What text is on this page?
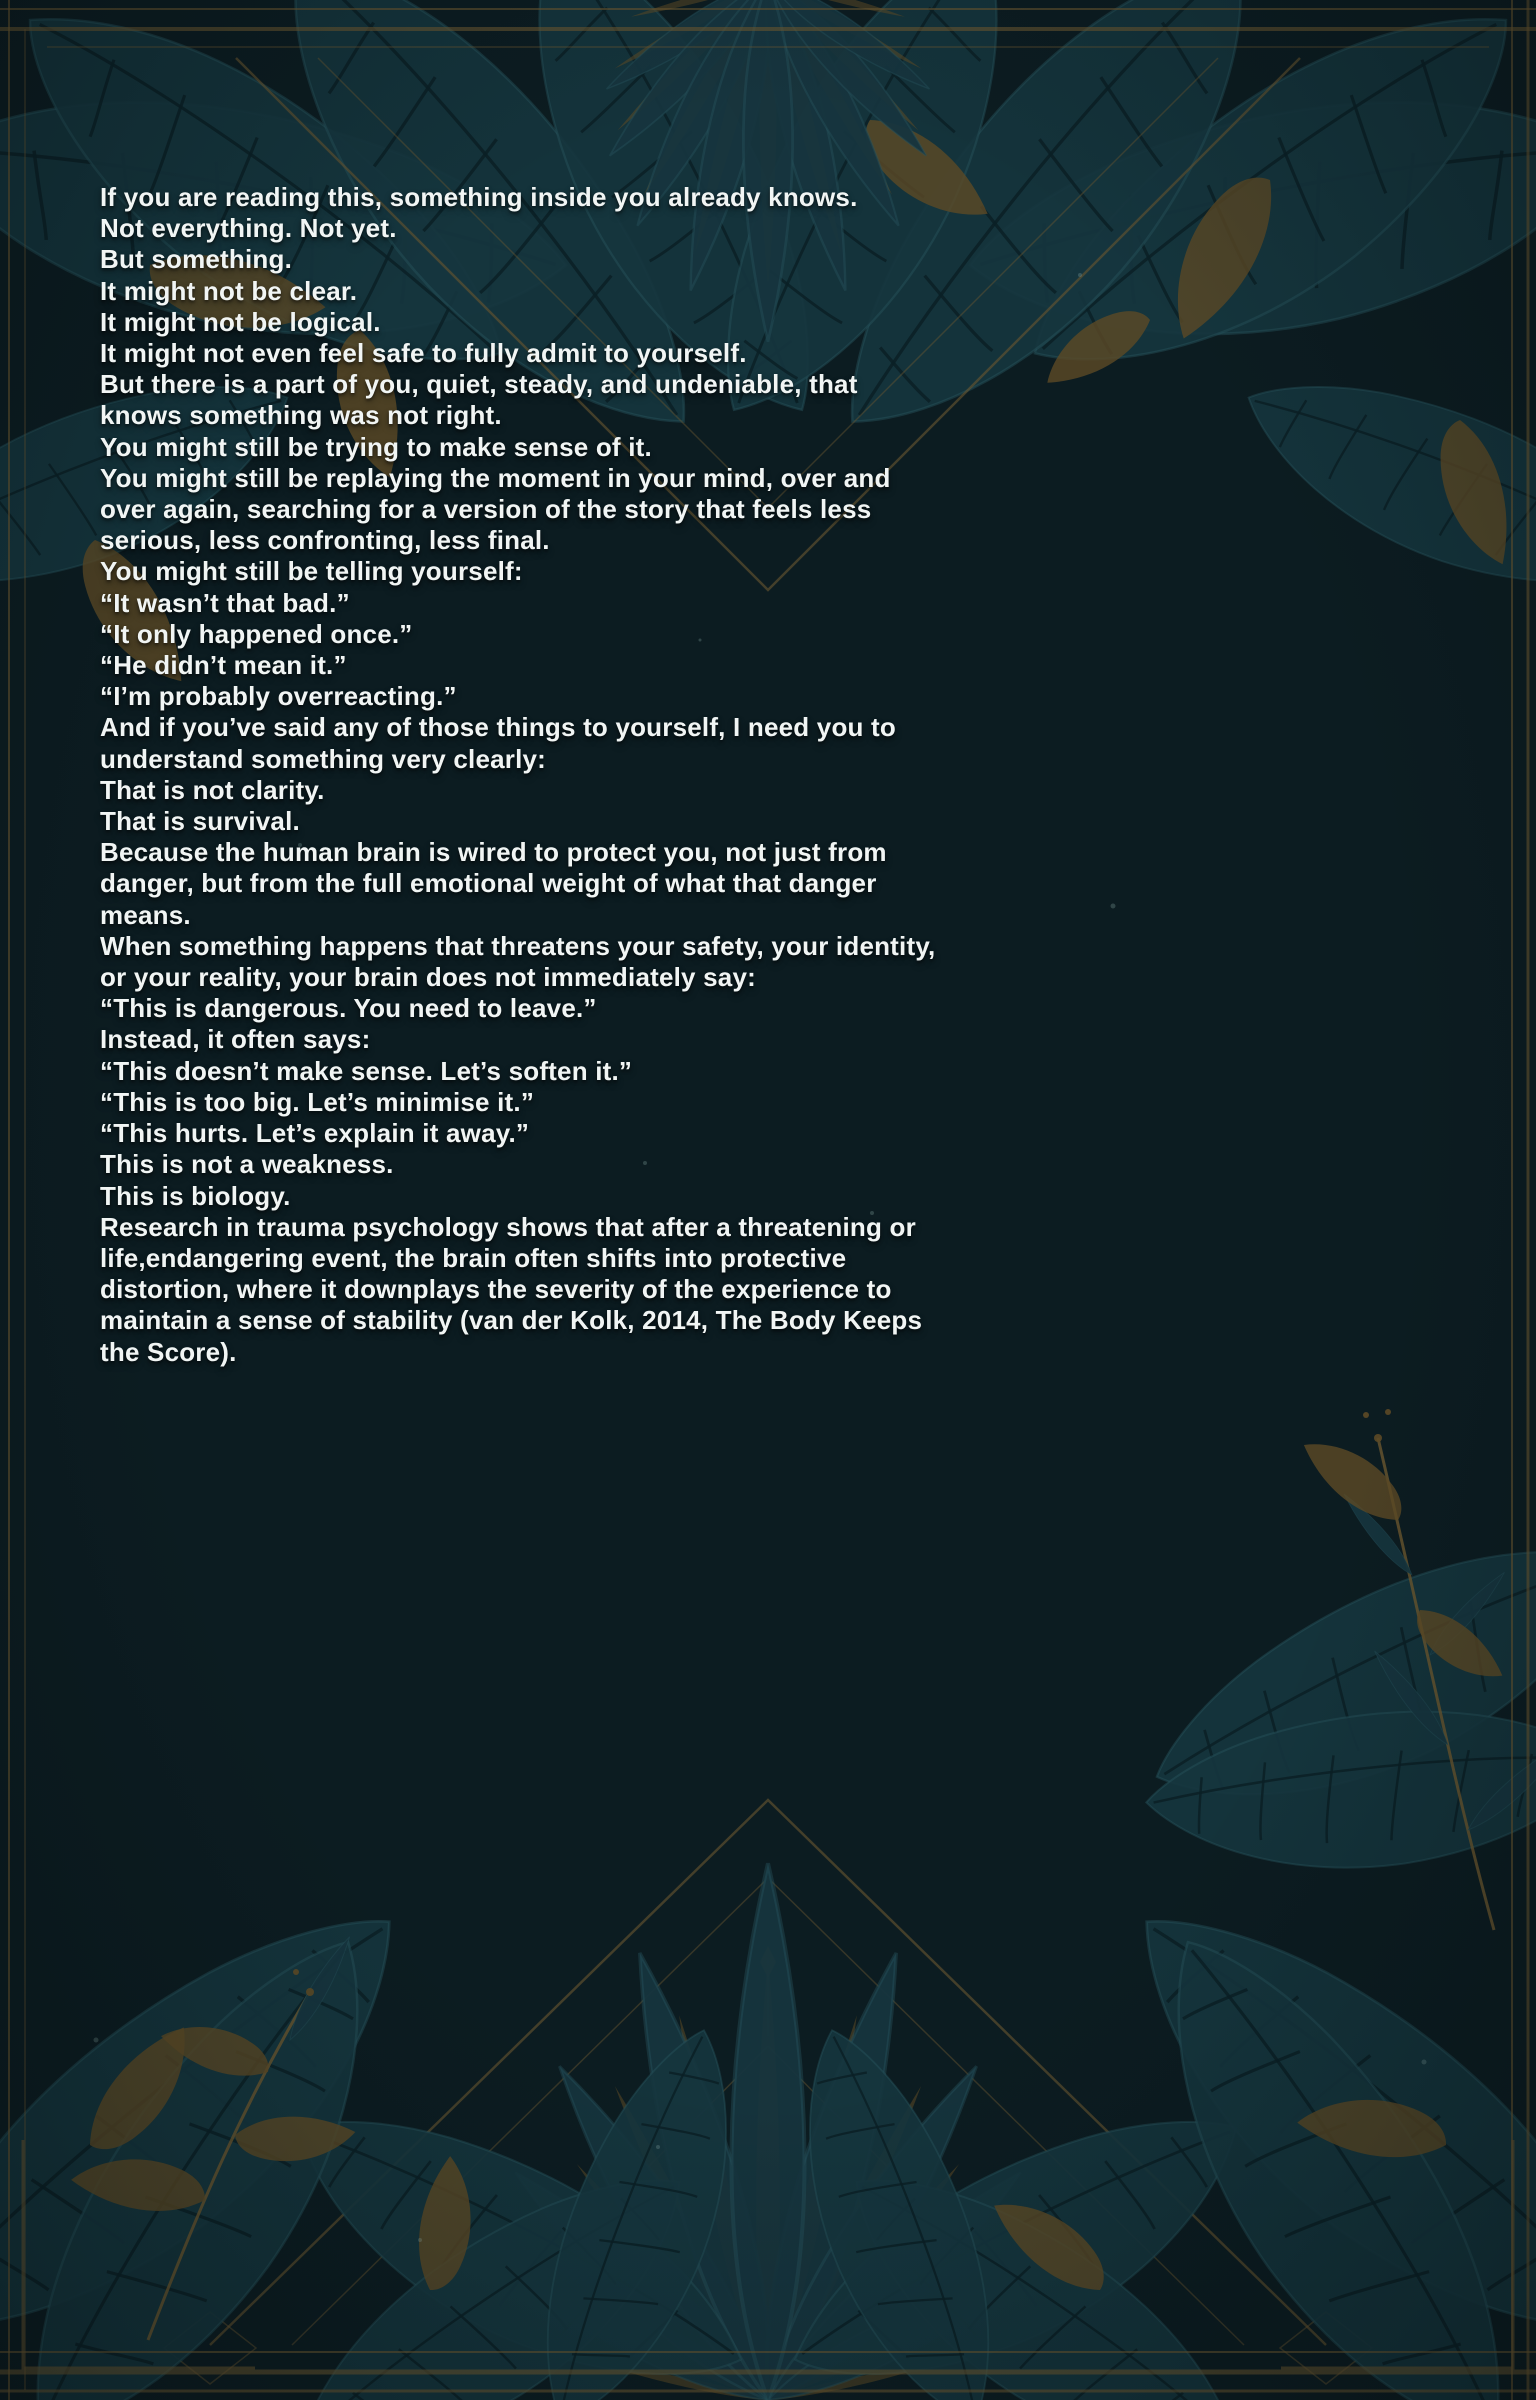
If you are reading this, something inside you already knows.

Not everything. Not yet.

But something.

It might not be clear.

It might not be logical.

It might not even feel safe to fully admit to yourself.

But there is a part of you, quiet, steady, and undeniable, that knows something was not right.

You might still be trying to make sense of it.

You might still be replaying the moment in your mind, over and over again, searching for a version of the story that feels less serious, less confronting, less final.

You might still be telling yourself:

“It wasn’t that bad.”

“It only happened once.”

“He didn’t mean it.”

“I’m probably overreacting.”

And if you’ve said any of those things to yourself, I need you to understand something very clearly:

That is not clarity.

That is survival.

Because the human brain is wired to protect you, not just from danger, but from the full emotional weight of what that danger means.

When something happens that threatens your safety, your identity, or your reality, your brain does not immediately say:

“This is dangerous. You need to leave.”

Instead, it often says:

“This doesn’t make sense. Let’s soften it.”

“This is too big. Let’s minimise it.”

“This hurts. Let’s explain it away.”

This is not a weakness.

This is biology.

Research in trauma psychology shows that after a threatening or life,endangering event, the brain often shifts into protective distortion, where it downplays the severity of the experience to maintain a sense of stability (van der Kolk, 2014, The Body Keeps the Score).
